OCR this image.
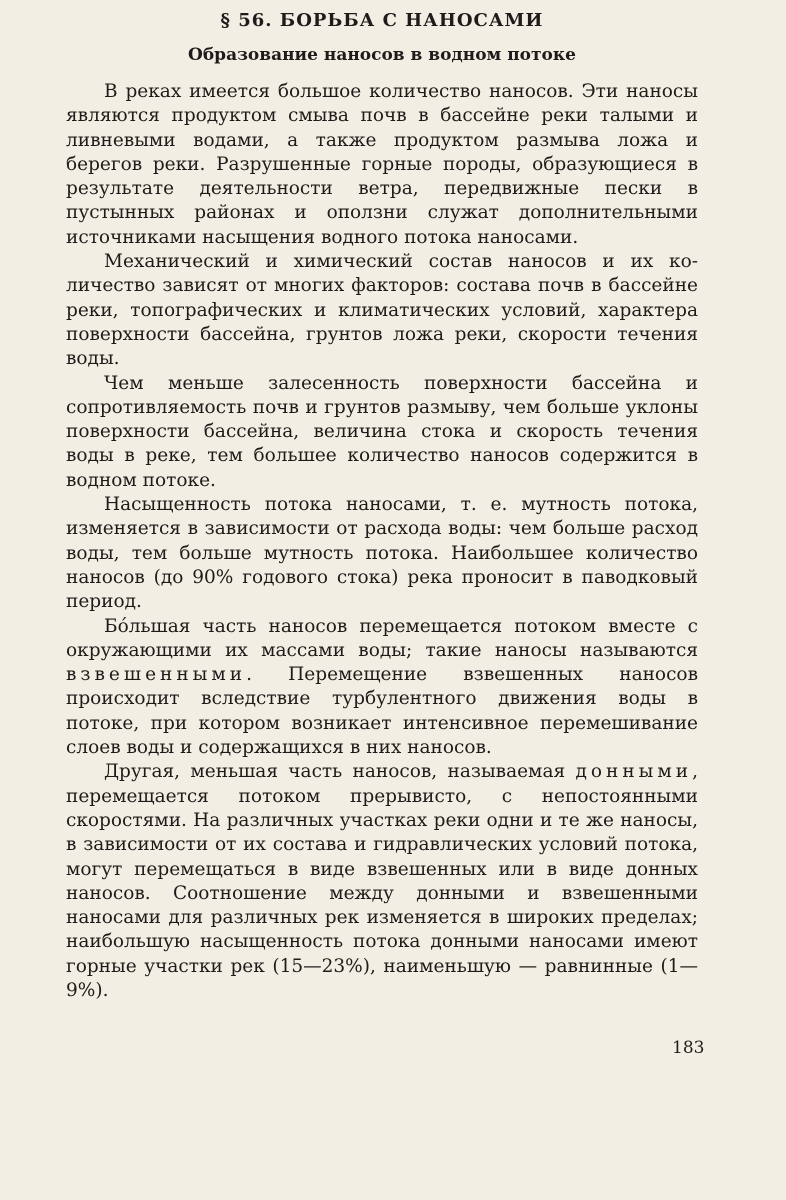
§ 56. БОРЬБА С НАНОСАМИ
Образование наносов в водном потоке

В реках имеется большое количество наносов. Эти наносы являются продуктом смыва почв в бассейне реки талыми и ливневыми водами, а также продуктом размыва ложа и берегов реки. Разрушенные горные породы, образующиеся в результате деятельности ветра, передвижные пески в пустынных районах и оползни служат дополнительными источниками насыщения водного потока наносами.

Механический и химический состав наносов и их количество зависят от многих факторов: состава почв в бассейне реки, топографических и климатических условий, характера поверхности бассейна, грунтов ложа реки, скорости течения воды.

Чем меньше залесенность поверхности бассейна и сопротивляемость почв и грунтов размыву, чем больше уклоны поверхности бассейна, величина стока и скорость течения воды в реке, тем большее количество наносов содержится в водном потоке.

Насыщенность потока наносами, т. е. мутность потока, изменяется в зависимости от расхода воды: чем больше расход воды, тем больше мутность потока. Наибольшее количество наносов (до 90% годового стока) река проносит в паводковый период.

Бóльшая часть наносов перемещается потоком вместе с окружающими их массами воды; такие наносы называются взвешенными. Перемещение взвешенных наносов происходит вследствие турбулентного движения воды в потоке, при котором возникает интенсивное перемешивание слоев воды и содержащихся в них наносов.

Другая, меньшая часть наносов, называемая донными, перемещается потоком прерывисто, с непостоянными скоростями. На различных участках реки одни и те же наносы, в зависимости от их состава и гидравлических условий потока, могут перемещаться в виде взвешенных или в виде донных наносов. Соотношение между донными и взвешенными наносами для различных рек изменяется в широких пределах; наибольшую насыщенность потока донными наносами имеют горные участки рек (15—23%), наименьшую — равнинные (1—9%).

183
